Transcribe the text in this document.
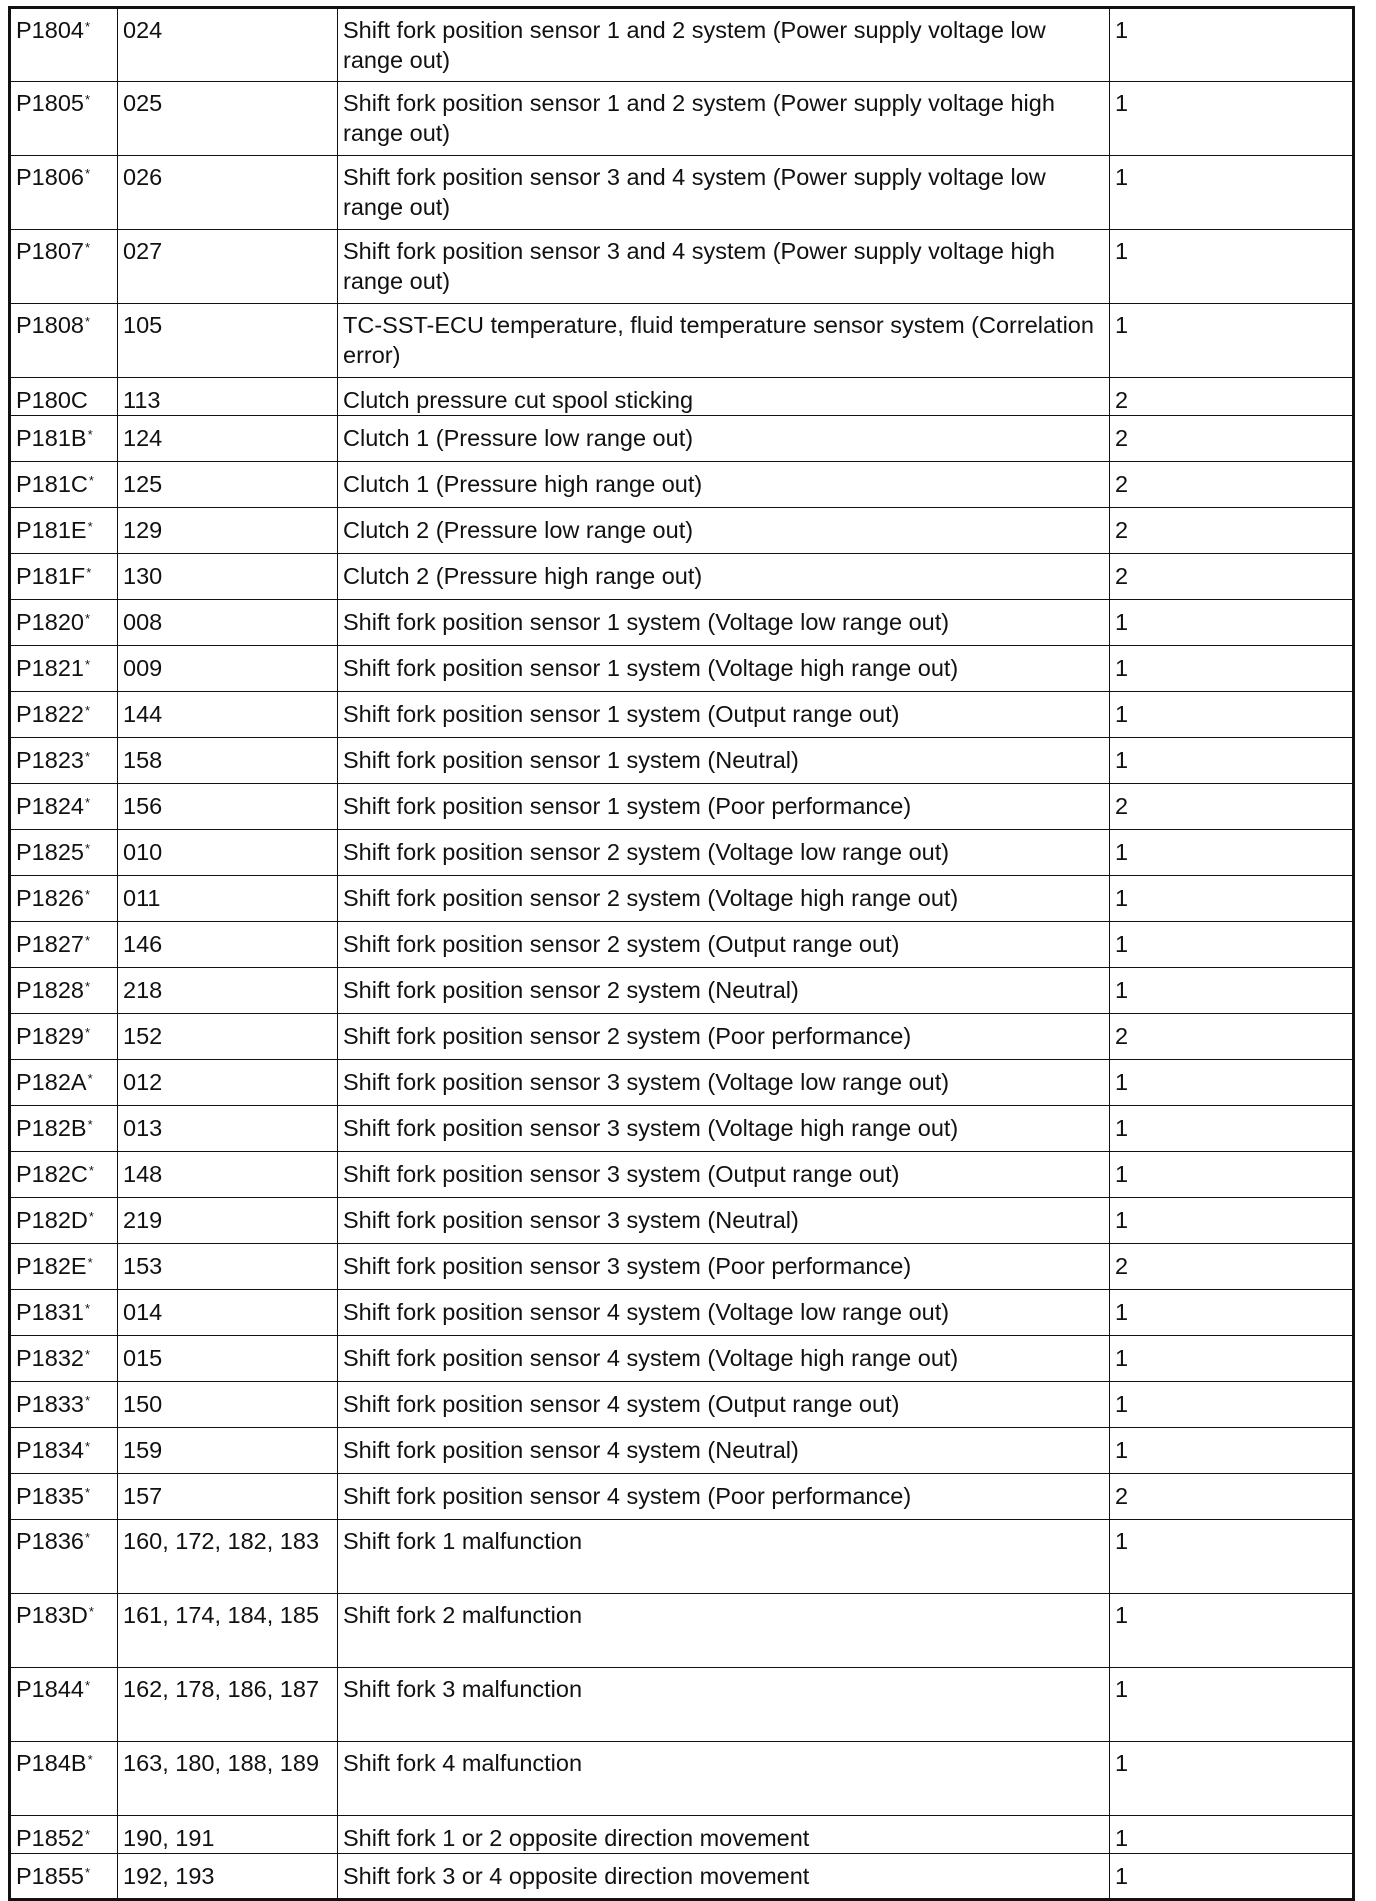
P1804*	024	Shift fork position sensor 1 and 2 system (Power supply voltage low range out)	1
P1805*	025	Shift fork position sensor 1 and 2 system (Power supply voltage high range out)	1
P1806*	026	Shift fork position sensor 3 and 4 system (Power supply voltage low range out)	1
P1807*	027	Shift fork position sensor 3 and 4 system (Power supply voltage high range out)	1
P1808*	105	TC-SST-ECU temperature, fluid temperature sensor system (Correlation error)	1
P180C	113	Clutch pressure cut spool sticking	2
P181B*	124	Clutch 1 (Pressure low range out)	2
P181C*	125	Clutch 1 (Pressure high range out)	2
P181E*	129	Clutch 2 (Pressure low range out)	2
P181F*	130	Clutch 2 (Pressure high range out)	2
P1820*	008	Shift fork position sensor 1 system (Voltage low range out)	1
P1821*	009	Shift fork position sensor 1 system (Voltage high range out)	1
P1822*	144	Shift fork position sensor 1 system (Output range out)	1
P1823*	158	Shift fork position sensor 1 system (Neutral)	1
P1824*	156	Shift fork position sensor 1 system (Poor performance)	2
P1825*	010	Shift fork position sensor 2 system (Voltage low range out)	1
P1826*	011	Shift fork position sensor 2 system (Voltage high range out)	1
P1827*	146	Shift fork position sensor 2 system (Output range out)	1
P1828*	218	Shift fork position sensor 2 system (Neutral)	1
P1829*	152	Shift fork position sensor 2 system (Poor performance)	2
P182A*	012	Shift fork position sensor 3 system (Voltage low range out)	1
P182B*	013	Shift fork position sensor 3 system (Voltage high range out)	1
P182C*	148	Shift fork position sensor 3 system (Output range out)	1
P182D*	219	Shift fork position sensor 3 system (Neutral)	1
P182E*	153	Shift fork position sensor 3 system (Poor performance)	2
P1831*	014	Shift fork position sensor 4 system (Voltage low range out)	1
P1832*	015	Shift fork position sensor 4 system (Voltage high range out)	1
P1833*	150	Shift fork position sensor 4 system (Output range out)	1
P1834*	159	Shift fork position sensor 4 system (Neutral)	1
P1835*	157	Shift fork position sensor 4 system (Poor performance)	2
P1836*	160, 172, 182, 183	Shift fork 1 malfunction	1
P183D*	161, 174, 184, 185	Shift fork 2 malfunction	1
P1844*	162, 178, 186, 187	Shift fork 3 malfunction	1
P184B*	163, 180, 188, 189	Shift fork 4 malfunction	1
P1852*	190, 191	Shift fork 1 or 2 opposite direction movement	1
P1855*	192, 193	Shift fork 3 or 4 opposite direction movement	1
